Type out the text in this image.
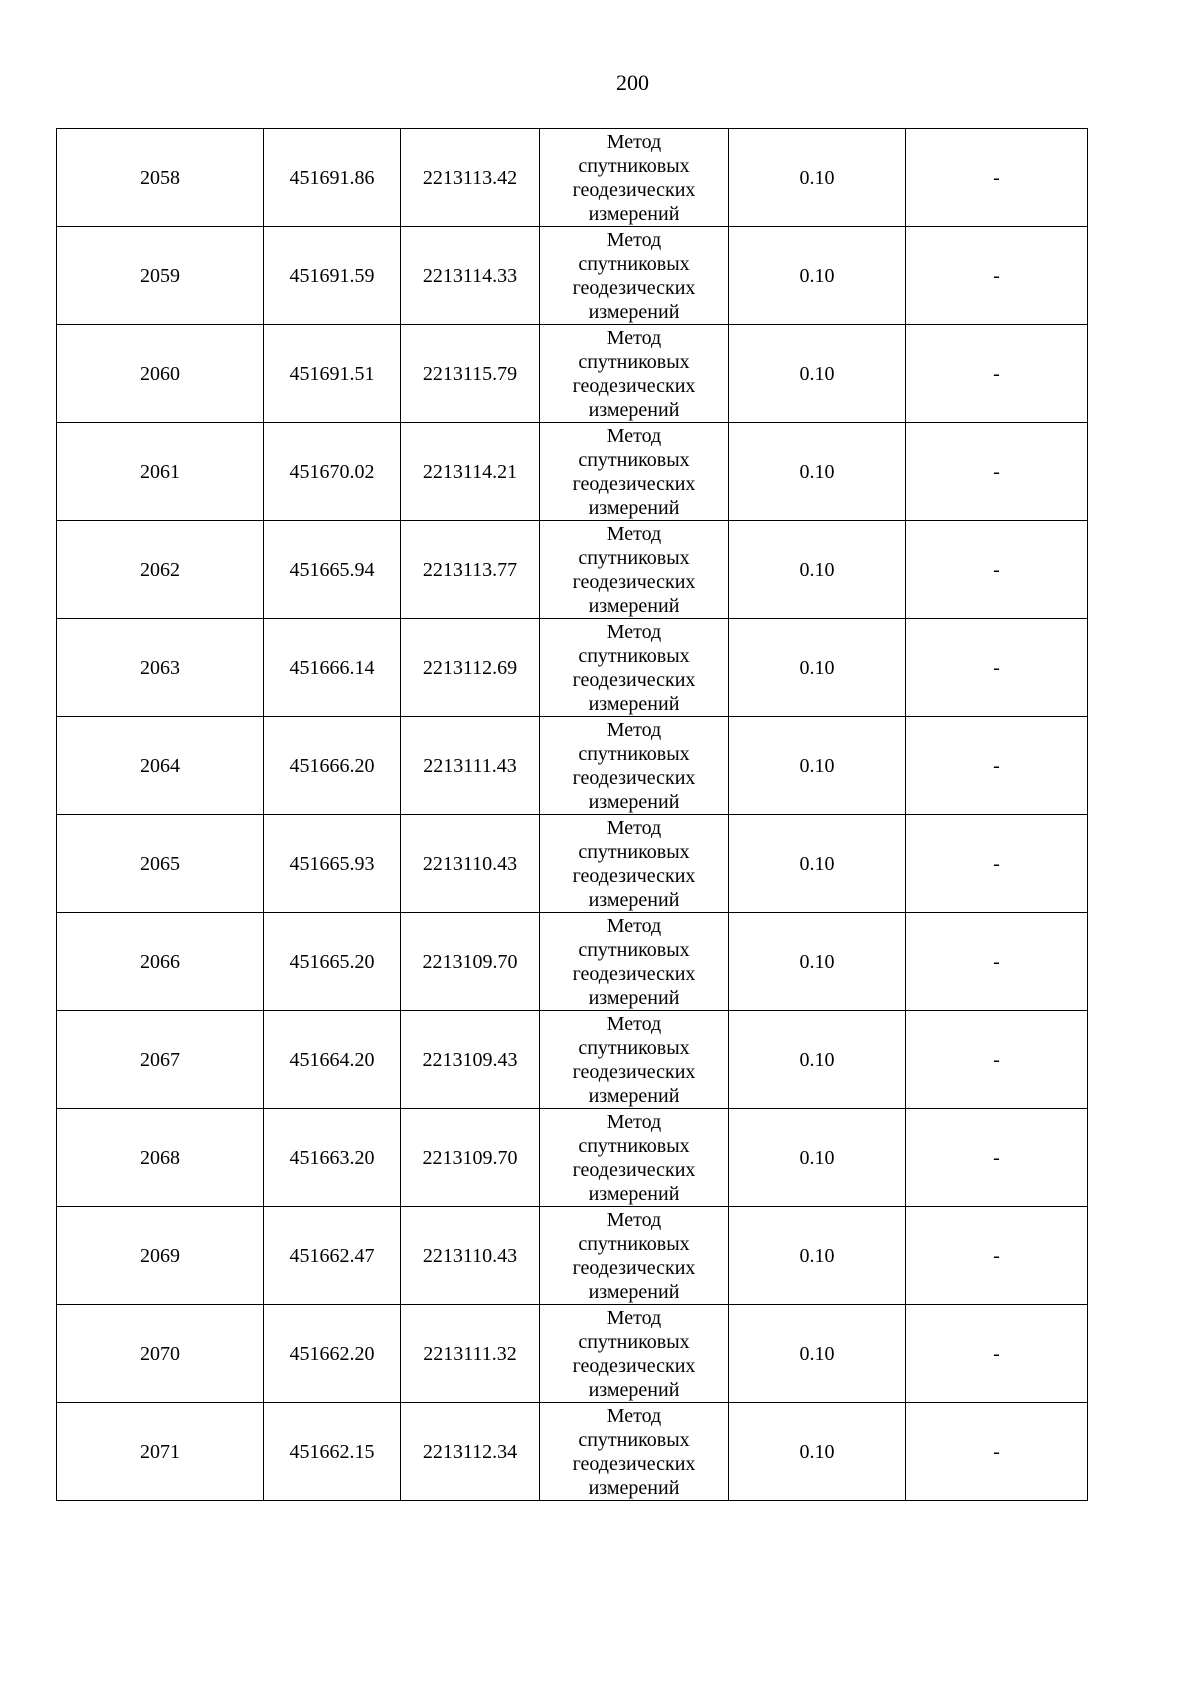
200
2058	451691.86	2213113.42	Метод
спутниковых
геодезических
измерений	0.10	-
2059	451691.59	2213114.33	Метод
спутниковых
геодезических
измерений	0.10	-
2060	451691.51	2213115.79	Метод
спутниковых
геодезических
измерений	0.10	-
2061	451670.02	2213114.21	Метод
спутниковых
геодезических
измерений	0.10	-
2062	451665.94	2213113.77	Метод
спутниковых
геодезических
измерений	0.10	-
2063	451666.14	2213112.69	Метод
спутниковых
геодезических
измерений	0.10	-
2064	451666.20	2213111.43	Метод
спутниковых
геодезических
измерений	0.10	-
2065	451665.93	2213110.43	Метод
спутниковых
геодезических
измерений	0.10	-
2066	451665.20	2213109.70	Метод
спутниковых
геодезических
измерений	0.10	-
2067	451664.20	2213109.43	Метод
спутниковых
геодезических
измерений	0.10	-
2068	451663.20	2213109.70	Метод
спутниковых
геодезических
измерений	0.10	-
2069	451662.47	2213110.43	Метод
спутниковых
геодезических
измерений	0.10	-
2070	451662.20	2213111.32	Метод
спутниковых
геодезических
измерений	0.10	-
2071	451662.15	2213112.34	Метод
спутниковых
геодезических
измерений	0.10	-
